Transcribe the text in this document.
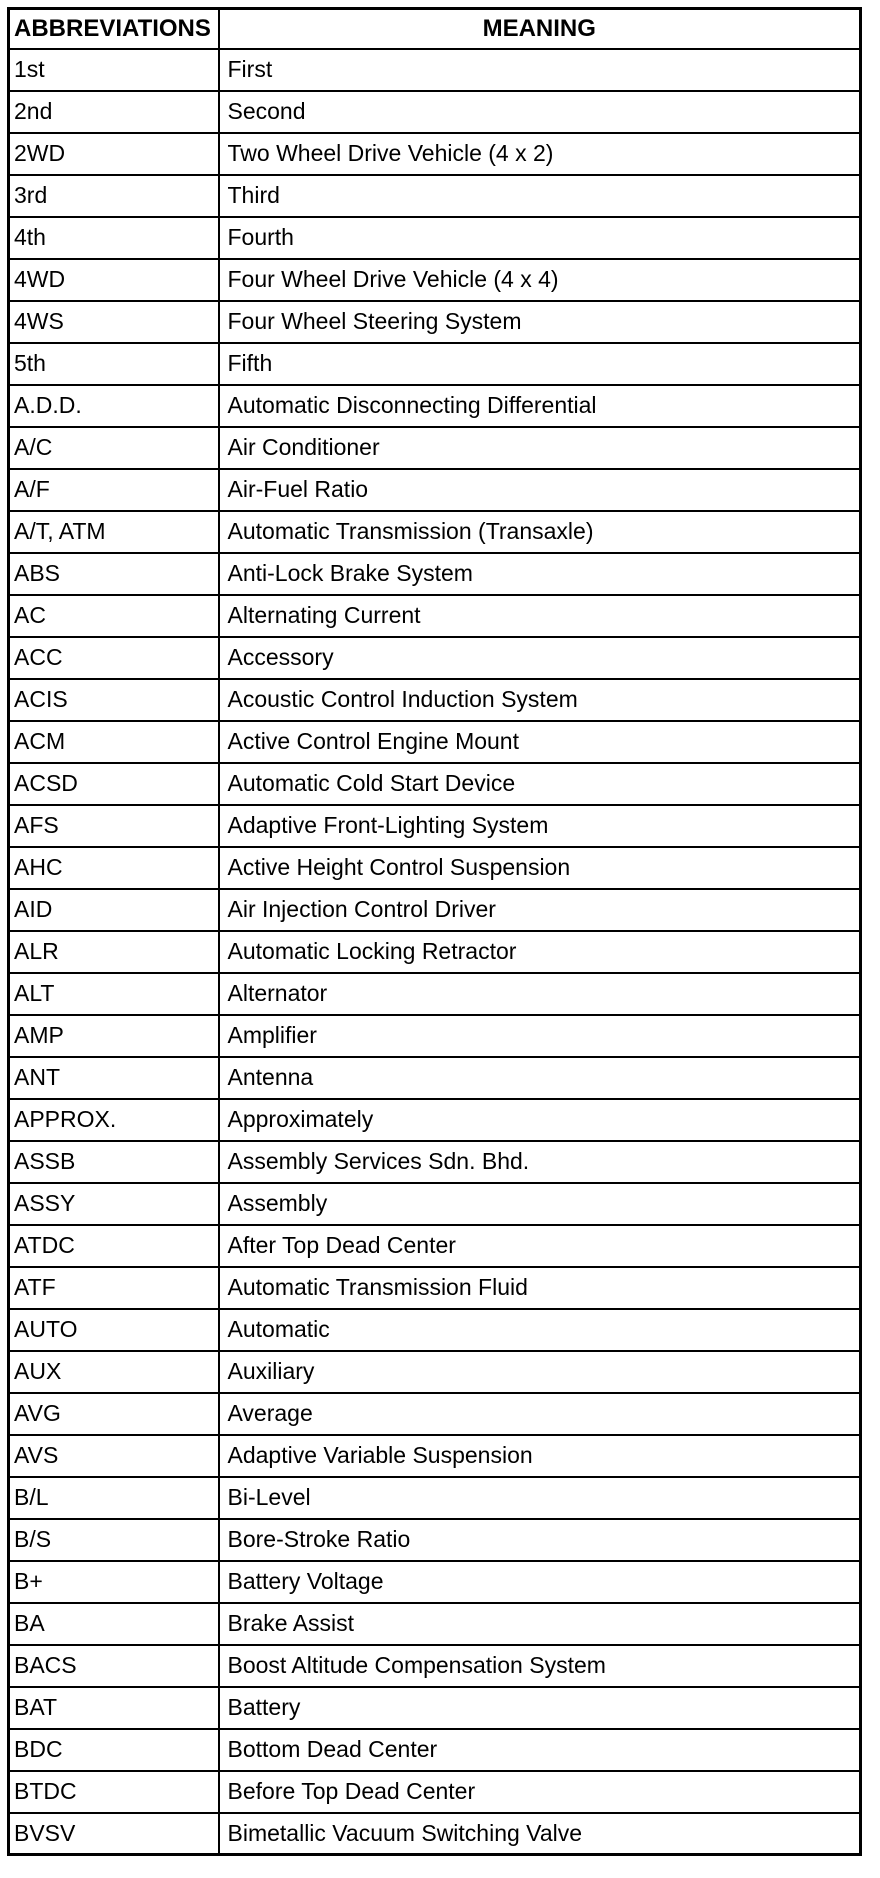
ABBREVIATIONS	MEANING
1st	First
2nd	Second
2WD	Two Wheel Drive Vehicle (4 x 2)
3rd	Third
4th	Fourth
4WD	Four Wheel Drive Vehicle (4 x 4)
4WS	Four Wheel Steering System
5th	Fifth
A.D.D.	Automatic Disconnecting Differential
A/C	Air Conditioner
A/F	Air-Fuel Ratio
A/T, ATM	Automatic Transmission (Transaxle)
ABS	Anti-Lock Brake System
AC	Alternating Current
ACC	Accessory
ACIS	Acoustic Control Induction System
ACM	Active Control Engine Mount
ACSD	Automatic Cold Start Device
AFS	Adaptive Front-Lighting System
AHC	Active Height Control Suspension
AID	Air Injection Control Driver
ALR	Automatic Locking Retractor
ALT	Alternator
AMP	Amplifier
ANT	Antenna
APPROX.	Approximately
ASSB	Assembly Services Sdn. Bhd.
ASSY	Assembly
ATDC	After Top Dead Center
ATF	Automatic Transmission Fluid
AUTO	Automatic
AUX	Auxiliary
AVG	Average
AVS	Adaptive Variable Suspension
B/L	Bi-Level
B/S	Bore-Stroke Ratio
B+	Battery Voltage
BA	Brake Assist
BACS	Boost Altitude Compensation System
BAT	Battery
BDC	Bottom Dead Center
BTDC	Before Top Dead Center
BVSV	Bimetallic Vacuum Switching Valve
